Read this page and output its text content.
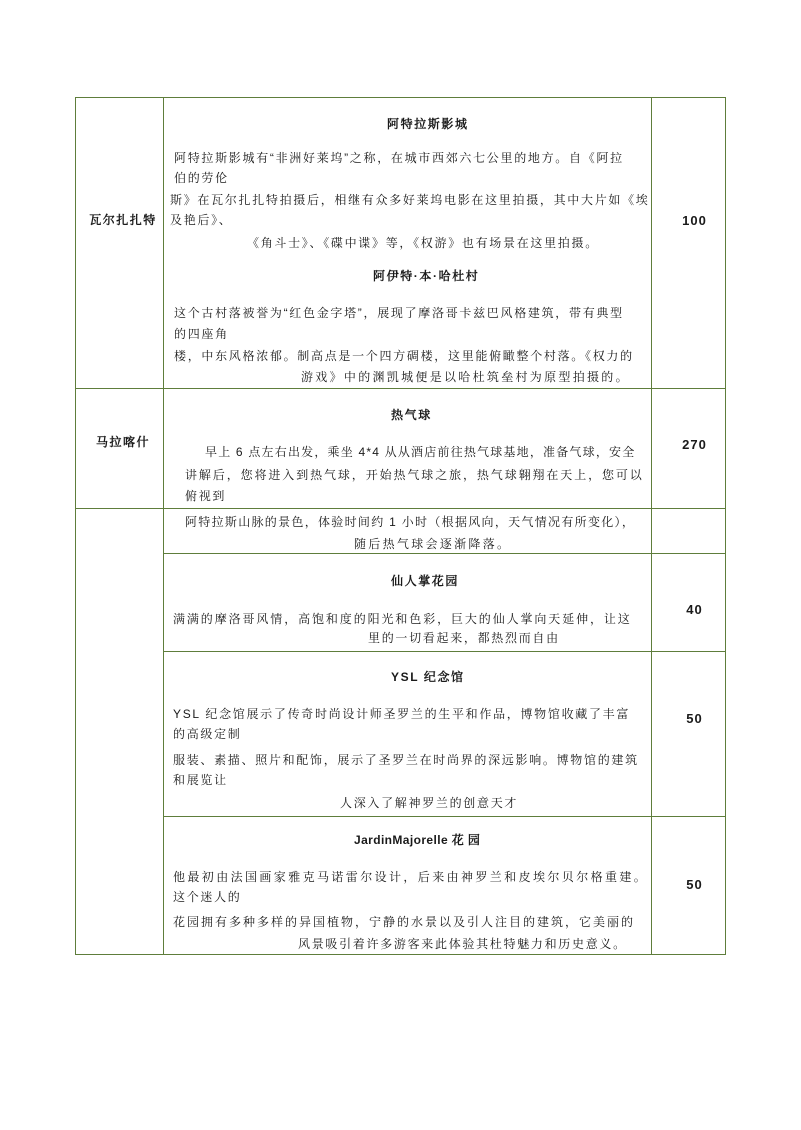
瓦尔扎扎特
阿特拉斯影城
阿特拉斯影城有“非洲好莱坞”之称，在城市西郊六七公里的地方。自《阿拉
伯的劳伦
斯》在瓦尔扎扎特拍摄后，相继有众多好莱坞电影在这里拍摄，其中大片如《埃
及艳后》、
《角斗士》、《碟中谍》等，《权游》也有场景在这里拍摄。
阿伊特·本·哈杜村
这个古村落被誉为“红色金字塔”，展现了摩洛哥卡兹巴风格建筑，带有典型
的四座角
楼，中东风格浓郁。制高点是一个四方碉楼，这里能俯瞰整个村落。《权力的
游戏》中的渊凯城便是以哈杜筑垒村为原型拍摄的。
100
马拉喀什
热气球
早上 6 点左右出发，乘坐 4*4 从从酒店前往热气球基地，准备气球，安全
讲解后，您将进入到热气球，开始热气球之旅，热气球翱翔在天上，您可以
俯视到
270
阿特拉斯山脉的景色，体验时间约 1 小时（根据风向，天气情况有所变化），
随后热气球会逐渐降落。
仙人掌花园
满满的摩洛哥风情，高饱和度的阳光和色彩，巨大的仙人掌向天延伸，让这
里的一切看起来，都热烈而自由
40
YSL 纪念馆
YSL 纪念馆展示了传奇时尚设计师圣罗兰的生平和作品，博物馆收藏了丰富
的高级定制
服装、素描、照片和配饰，展示了圣罗兰在时尚界的深远影响。博物馆的建筑
和展览让
人深入了解神罗兰的创意天才
50
JardinMajorelle 花 园
他最初由法国画家雅克马诺雷尔设计，后来由神罗兰和皮埃尔贝尔格重建。
这个迷人的
花园拥有多种多样的异国植物，宁静的水景以及引人注目的建筑，它美丽的
风景吸引着许多游客来此体验其杜特魅力和历史意义。
50
